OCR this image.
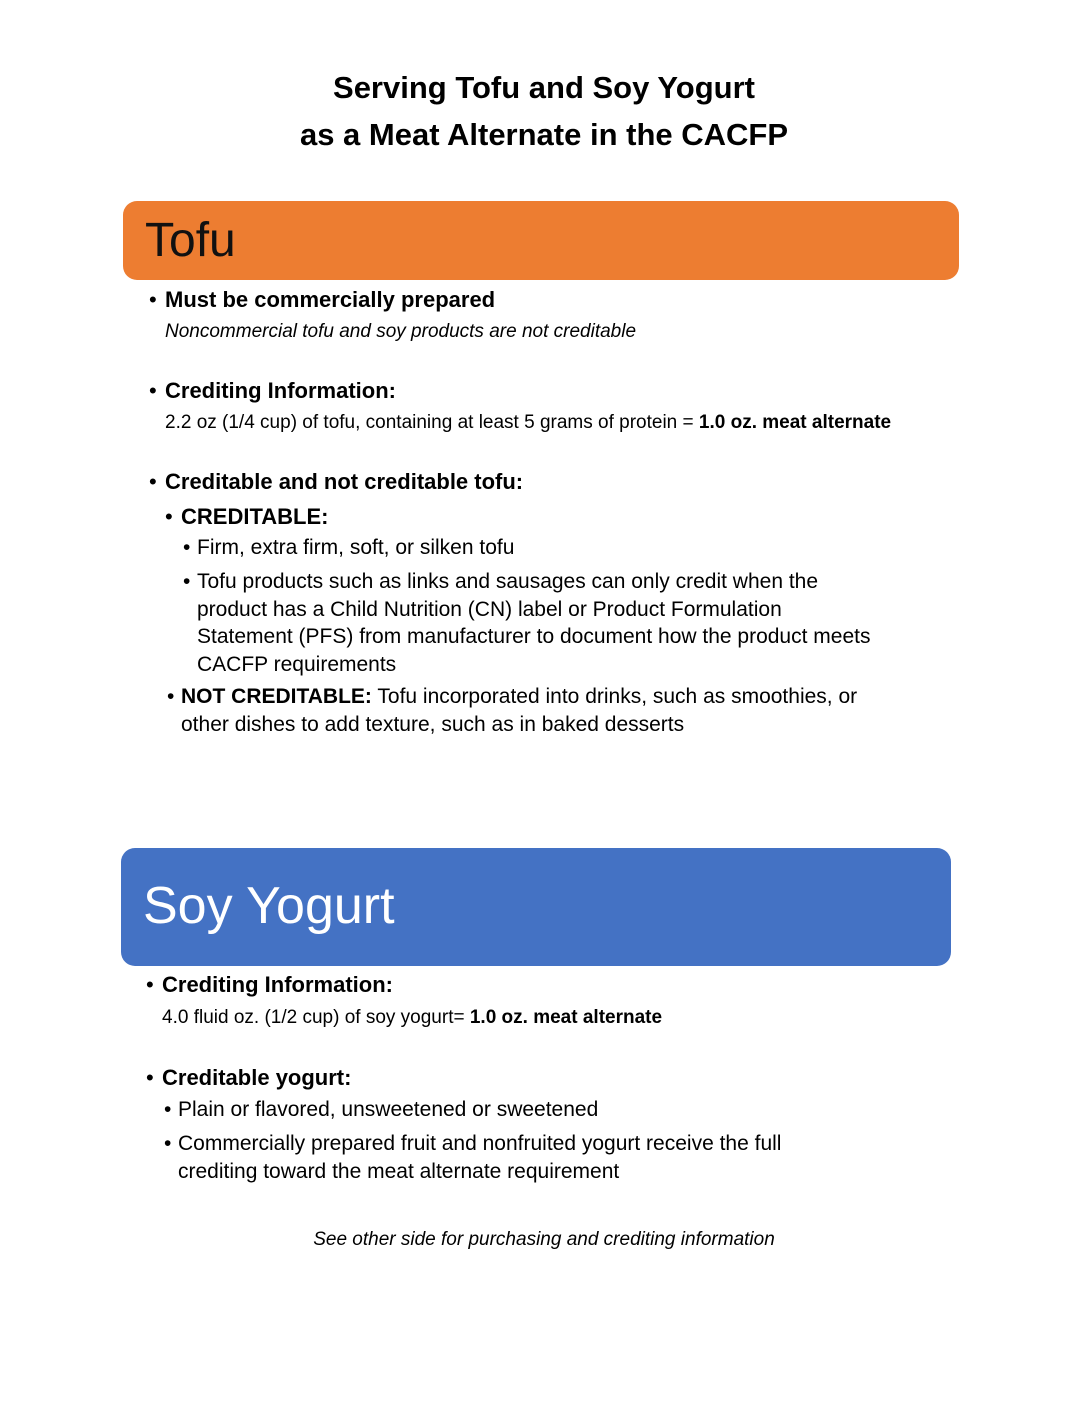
Serving Tofu and Soy Yogurt
as a Meat Alternate in the CACFP
Tofu
• Must be commercially prepared
Noncommercial tofu and soy products are not creditable
• Crediting Information:
2.2 oz (1/4 cup) of tofu, containing at least 5 grams of protein = 1.0 oz. meat alternate
• Creditable and not creditable tofu:
• CREDITABLE:
• Firm, extra firm, soft, or silken tofu
• Tofu products such as links and sausages can only credit when the
product has a Child Nutrition (CN) label or Product Formulation
Statement (PFS) from manufacturer to document how the product meets
CACFP requirements
• NOT CREDITABLE: Tofu incorporated into drinks, such as smoothies, or
other dishes to add texture, such as in baked desserts
Soy Yogurt
• Crediting Information:
4.0 fluid oz. (1/2 cup) of soy yogurt= 1.0 oz. meat alternate
• Creditable yogurt:
• Plain or flavored, unsweetened or sweetened
• Commercially prepared fruit and nonfruited yogurt receive the full
crediting toward the meat alternate requirement
See other side for purchasing and crediting information
